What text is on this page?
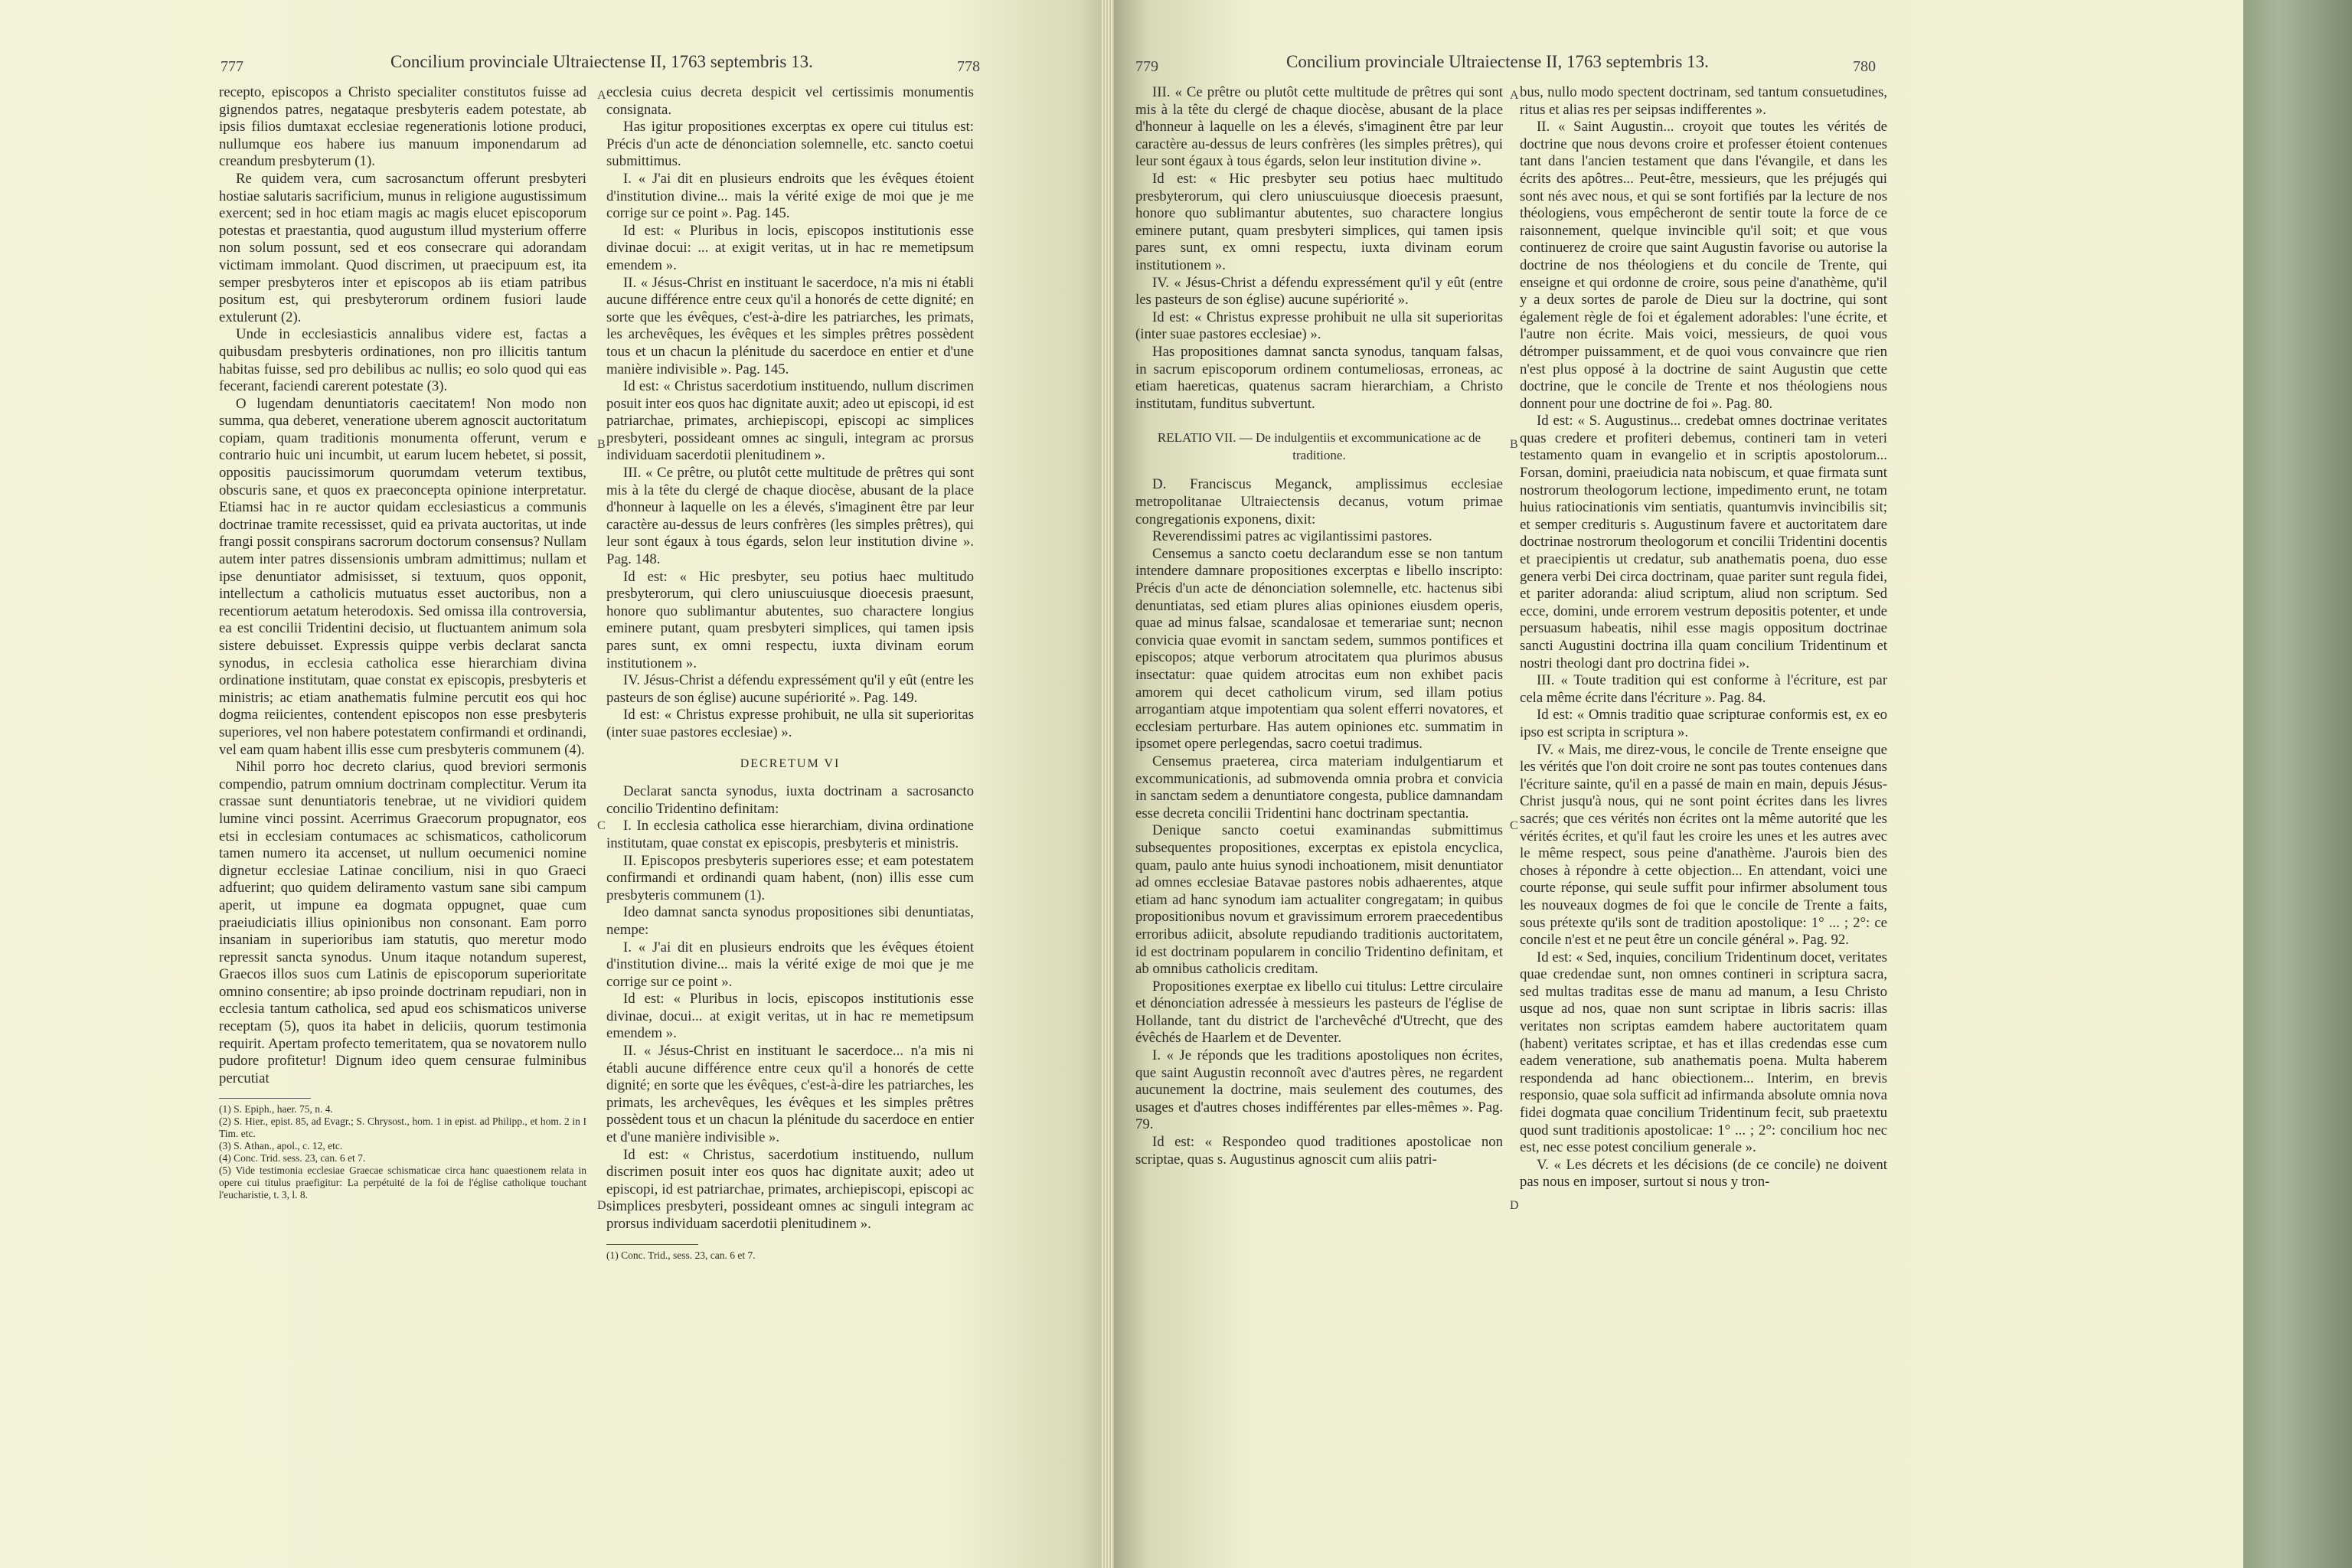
777	Concilium provinciale Ultraiectense II, 1763 septembris 13.	778

recepto, episcopos a Christo specialiter constitutos fuisse ad gignendos patres, negataque presbyteris eadem potestate, ab ipsis filios dumtaxat ecclesiae regenerationis lotione produci, nullumque eos habere ius manuum imponendarum ad creandum presbyterum (1).

Re quidem vera, cum sacrosanctum offerunt presbyteri hostiae salutaris sacrificium, munus in religione augustissimum exercent; sed in hoc etiam magis ac magis elucet episcoporum potestas et praestantia, quod augustum illud mysterium offerre non solum possunt, sed et eos consecrare qui adorandam victimam immolant. Quod discrimen, ut praecipuum est, ita semper presbyteros inter et episcopos ab iis etiam patribus positum est, qui presbyterorum ordinem fusiori laude extulerunt (2).

Unde in ecclesiasticis annalibus videre est, factas a quibusdam presbyteris ordinationes, non pro illicitis tantum habitas fuisse, sed pro debilibus ac nullis; eo solo quod qui eas fecerant, faciendi carerent potestate (3).

O lugendam denuntiatoris caecitatem! Non modo non summa, qua deberet, veneratione uberem agnoscit auctoritatum copiam, quam traditionis monumenta offerunt, verum e contrario huic uni incumbit, ut earum lucem hebetet, si possit, oppositis paucissimorum quorumdam veterum textibus, obscuris sane, et quos ex praeconcepta opinione interpretatur. Etiamsi hac in re auctor quidam ecclesiasticus a communis doctrinae tramite recessisset, quid ea privata auctoritas, ut inde frangi possit conspirans sacrorum doctorum consensus? Nullam autem inter patres dissensionis umbram admittimus; nullam et ipse denuntiator admisisset, si textuum, quos opponit, intellectum a catholicis mutuatus esset auctoribus, non a recentiorum aetatum heterodoxis. Sed omissa illa controversia, ea est concilii Tridentini decisio, ut fluctuantem animum sola sistere debuisset. Expressis quippe verbis declarat sancta synodus, in ecclesia catholica esse hierarchiam divina ordinatione institutam, quae constat ex episcopis, presbyteris et ministris; ac etiam anathematis fulmine percutit eos qui hoc dogma reiicientes, contendent episcopos non esse presbyteris superiores, vel non habere potestatem confirmandi et ordinandi, vel eam quam habent illis esse cum presbyteris communem (4).

Nihil porro hoc decreto clarius, quod breviori sermonis compendio, patrum omnium doctrinam complectitur. Verum ita crassae sunt denuntiatoris tenebrae, ut ne vividiori quidem lumine vinci possint. Acerrimus Graecorum propugnator, eos etsi in ecclesiam contumaces ac schismaticos, catholicorum tamen numero ita accenset, ut nullum oecumenici nomine dignetur ecclesiae Latinae concilium, nisi in quo Graeci adfuerint; quo quidem deliramento vastum sane sibi campum aperit, ut impune ea dogmata oppugnet, quae cum praeiudiciatis illius opinionibus non consonant. Eam porro insaniam in superioribus iam statutis, quo meretur modo repressit sancta synodus. Unum itaque notandum superest, Graecos illos suos cum Latinis de episcoporum superioritate omnino consentire; ab ipso proinde doctrinam repudiari, non in ecclesia tantum catholica, sed apud eos schismaticos universe receptam (5), quos ita habet in deliciis, quorum testimonia requirit. Apertam profecto temeritatem, qua se novatorem nullo pudore profitetur! Dignum ideo quem censurae fulminibus percutiat

(1) S. Epiph., haer. 75, n. 4.

(2) S. Hier., epist. 85, ad Evagr.; S. Chrysost., hom. 1 in epist. ad Philipp., et hom. 2 in I Tim. etc.

(3) S. Athan., apol., c. 12, etc.

(4) Conc. Trid. sess. 23, can. 6 et 7.

(5) Vide testimonia ecclesiae Graecae schismaticae circa hanc quaestionem relata in opere cui titulus praefigitur: La perpétuité de la foi de l'église catholique touchant l'eucharistie, t. 3, l. 8.

ecclesia cuius decreta despicit vel certissimis monumentis consignata.

Has igitur propositiones excerptas ex opere cui titulus est: Précis d'un acte de dénonciation solemnelle, etc. sancto coetui submittimus.

I. « J'ai dit en plusieurs endroits que les évêques étoient d'institution divine... mais la vérité exige de moi que je me corrige sur ce point ». Pag. 145.

Id est: « Pluribus in locis, episcopos institutionis esse divinae docui: ... at exigit veritas, ut in hac re memetipsum emendem ».

II. « Jésus-Christ en instituant le sacerdoce, n'a mis ni établi aucune différence entre ceux qu'il a honorés de cette dignité; en sorte que les évêques, c'est-à-dire les patriarches, les primats, les archevêques, les évêques et les simples prêtres possèdent tous et un chacun la plénitude du sacerdoce en entier et d'une manière indivisible ». Pag. 145.

Id est: « Christus sacerdotium instituendo, nullum discrimen posuit inter eos quos hac dignitate auxit; adeo ut episcopi, id est patriarchae, primates, archiepiscopi, episcopi ac simplices presbyteri, possideant omnes ac singuli, integram ac prorsus individuam sacerdotii plenitudinem ».

III. « Ce prêtre, ou plutôt cette multitude de prêtres qui sont mis à la tête du clergé de chaque diocèse, abusant de la place d'honneur à laquelle on les a élevés, s'imaginent être par leur caractère au-dessus de leurs confrères (les simples prêtres), qui leur sont égaux à tous égards, selon leur institution divine ». Pag. 148.

Id est: « Hic presbyter, seu potius haec multitudo presbyterorum, qui clero uniuscuiusque dioecesis praesunt, honore quo sublimantur abutentes, suo charactere longius eminere putant, quam presbyteri simplices, qui tamen ipsis pares sunt, ex omni respectu, iuxta divinam eorum institutionem ».

IV. Jésus-Christ a défendu expressément qu'il y eût (entre les pasteurs de son église) aucune supériorité ». Pag. 149.

Id est: « Christus expresse prohibuit, ne ulla sit superioritas (inter suae pastores ecclesiae) ».

DECRETUM VI

Declarat sancta synodus, iuxta doctrinam a sacrosancto concilio Tridentino definitam:

I. In ecclesia catholica esse hierarchiam, divina ordinatione institutam, quae constat ex episcopis, presbyteris et ministris.

II. Episcopos presbyteris superiores esse; et eam potestatem confirmandi et ordinandi quam habent, (non) illis esse cum presbyteris communem (1).

Ideo damnat sancta synodus propositiones sibi denuntiatas, nempe:

I. « J'ai dit en plusieurs endroits que les évêques étoient d'institution divine... mais la vérité exige de moi que je me corrige sur ce point ».

Id est: « Pluribus in locis, episcopos institutionis esse divinae, docui... at exigit veritas, ut in hac re memetipsum emendem ».

II. « Jésus-Christ en instituant le sacerdoce... n'a mis ni établi aucune différence entre ceux qu'il a honorés de cette dignité; en sorte que les évêques, c'est-à-dire les patriarches, les primats, les archevêques, les évêques et les simples prêtres possèdent tous et un chacun la plénitude du sacerdoce en entier et d'une manière indivisible ».

Id est: « Christus, sacerdotium instituendo, nullum discrimen posuit inter eos quos hac dignitate auxit; adeo ut episcopi, id est patriarchae, primates, archiepiscopi, episcopi ac simplices presbyteri, possideant omnes ac singuli integram ac prorsus individuam sacerdotii plenitudinem ».

(1) Conc. Trid., sess. 23, can. 6 et 7.

A
B
C
D
779	Concilium provinciale Ultraiectense II, 1763 septembris 13.	780

III. « Ce prêtre ou plutôt cette multitude de prêtres qui sont mis à la tête du clergé de chaque diocèse, abusant de la place d'honneur à laquelle on les a élevés, s'imaginent être par leur caractère au-dessus de leurs confrères (les simples prêtres), qui leur sont égaux à tous égards, selon leur institution divine ».

Id est: « Hic presbyter seu potius haec multitudo presbyterorum, qui clero uniuscuiusque dioecesis praesunt, honore quo sublimantur abutentes, suo charactere longius eminere putant, quam presbyteri simplices, qui tamen ipsis pares sunt, ex omni respectu, iuxta divinam eorum institutionem ».

IV. « Jésus-Christ a défendu expressément qu'il y eût (entre les pasteurs de son église) aucune supériorité ».

Id est: « Christus expresse prohibuit ne ulla sit superioritas (inter suae pastores ecclesiae) ».

Has propositiones damnat sancta synodus, tanquam falsas, in sacrum episcoporum ordinem contumeliosas, erroneas, ac etiam haereticas, quatenus sacram hierarchiam, a Christo institutam, funditus subvertunt.

RELATIO VII. — De indulgentiis et excommunicatione ac de traditione.

D. Franciscus Meganck, amplissimus ecclesiae metropolitanae Ultraiectensis decanus, votum primae congregationis exponens, dixit:

Reverendissimi patres ac vigilantissimi pastores.

Censemus a sancto coetu declarandum esse se non tantum intendere damnare propositiones excerptas e libello inscripto: Précis d'un acte de dénonciation solemnelle, etc. hactenus sibi denuntiatas, sed etiam plures alias opiniones eiusdem operis, quae ad minus falsae, scandalosae et temerariae sunt; necnon convicia quae evomit in sanctam sedem, summos pontifices et episcopos; atque verborum atrocitatem qua plurimos abusus insectatur: quae quidem atrocitas eum non exhibet pacis amorem qui decet catholicum virum, sed illam potius arrogantiam atque impotentiam qua solent efferri novatores, et ecclesiam perturbare. Has autem opiniones etc. summatim in ipsomet opere perlegendas, sacro coetui tradimus.

Censemus praeterea, circa materiam indulgentiarum et excommunicationis, ad submovenda omnia probra et convicia in sanctam sedem a denuntiatore congesta, publice damnandam esse decreta concilii Tridentini hanc doctrinam spectantia.

Denique sancto coetui examinandas submittimus subsequentes propositiones, excerptas ex epistola encyclica, quam, paulo ante huius synodi inchoationem, misit denuntiator ad omnes ecclesiae Batavae pastores nobis adhaerentes, atque etiam ad hanc synodum iam actualiter congregatam; in quibus propositionibus novum et gravissimum errorem praecedentibus erroribus adiicit, absolute repudiando traditionis auctoritatem, id est doctrinam popularem in concilio Tridentino definitam, et ab omnibus catholicis creditam.

Propositiones exerptae ex libello cui titulus: Lettre circulaire et dénonciation adressée à messieurs les pasteurs de l'église de Hollande, tant du district de l'archevêché d'Utrecht, que des évêchés de Haarlem et de Deventer.

I. « Je réponds que les traditions apostoliques non écrites, que saint Augustin reconnoît avec d'autres pères, ne regardent aucunement la doctrine, mais seulement des coutumes, des usages et d'autres choses indifférentes par elles-mêmes ». Pag. 79.

Id est: « Respondeo quod traditiones apostolicae non scriptae, quas s. Augustinus agnoscit cum aliis patri-

bus, nullo modo spectent doctrinam, sed tantum consuetudines, ritus et alias res per seipsas indifferentes ».

II. « Saint Augustin... croyoit que toutes les vérités de doctrine que nous devons croire et professer étoient contenues tant dans l'ancien testament que dans l'évangile, et dans les écrits des apôtres... Peut-être, messieurs, que les préjugés qui sont nés avec nous, et qui se sont fortifiés par la lecture de nos théologiens, vous empêcheront de sentir toute la force de ce raisonnement, quelque invincible qu'il soit; et que vous continuerez de croire que saint Augustin favorise ou autorise la doctrine de nos théologiens et du concile de Trente, qui enseigne et qui ordonne de croire, sous peine d'anathème, qu'il y a deux sortes de parole de Dieu sur la doctrine, qui sont également règle de foi et également adorables: l'une écrite, et l'autre non écrite. Mais voici, messieurs, de quoi vous détromper puissamment, et de quoi vous convaincre que rien n'est plus opposé à la doctrine de saint Augustin que cette doctrine, que le concile de Trente et nos théologiens nous donnent pour une doctrine de foi ». Pag. 80.

Id est: « S. Augustinus... credebat omnes doctrinae veritates quas credere et profiteri debemus, contineri tam in veteri testamento quam in evangelio et in scriptis apostolorum... Forsan, domini, praeiudicia nata nobiscum, et quae firmata sunt nostrorum theologorum lectione, impedimento erunt, ne totam huius ratiocinationis vim sentiatis, quantumvis invincibilis sit; et semper credituris s. Augustinum favere et auctoritatem dare doctrinae nostrorum theologorum et concilii Tridentini docentis et praecipientis ut credatur, sub anathematis poena, duo esse genera verbi Dei circa doctrinam, quae pariter sunt regula fidei, et pariter adoranda: aliud scriptum, aliud non scriptum. Sed ecce, domini, unde errorem vestrum depositis potenter, et unde persuasum habeatis, nihil esse magis oppositum doctrinae sancti Augustini doctrina illa quam concilium Tridentinum et nostri theologi dant pro doctrina fidei ».

III. « Toute tradition qui est conforme à l'écriture, est par cela même écrite dans l'écriture ». Pag. 84.

Id est: « Omnis traditio quae scripturae conformis est, ex eo ipso est scripta in scriptura ».

IV. « Mais, me direz-vous, le concile de Trente enseigne que les vérités que l'on doit croire ne sont pas toutes contenues dans l'écriture sainte, qu'il en a passé de main en main, depuis Jésus-Christ jusqu'à nous, qui ne sont point écrites dans les livres sacrés; que ces vérités non écrites ont la même autorité que les vérités écrites, et qu'il faut les croire les unes et les autres avec le même respect, sous peine d'anathème. J'aurois bien des choses à répondre à cette objection... En attendant, voici une courte réponse, qui seule suffit pour infirmer absolument tous les nouveaux dogmes de foi que le concile de Trente a faits, sous prétexte qu'ils sont de tradition apostolique: 1° ... ; 2°: ce concile n'est et ne peut être un concile général ». Pag. 92.

Id est: « Sed, inquies, concilium Tridentinum docet, veritates quae credendae sunt, non omnes contineri in scriptura sacra, sed multas traditas esse de manu ad manum, a Iesu Christo usque ad nos, quae non sunt scriptae in libris sacris: illas veritates non scriptas eamdem habere auctoritatem quam (habent) veritates scriptae, et has et illas credendas esse cum eadem veneratione, sub anathematis poena. Multa haberem respondenda ad hanc obiectionem... Interim, en brevis responsio, quae sola sufficit ad infirmanda absolute omnia nova fidei dogmata quae concilium Tridentinum fecit, sub praetextu quod sunt traditionis apostolicae: 1° ... ; 2°: concilium hoc nec est, nec esse potest concilium generale ».

V. « Les décrets et les décisions (de ce concile) ne doivent pas nous en imposer, surtout si nous y tron-

A
B
C
D
